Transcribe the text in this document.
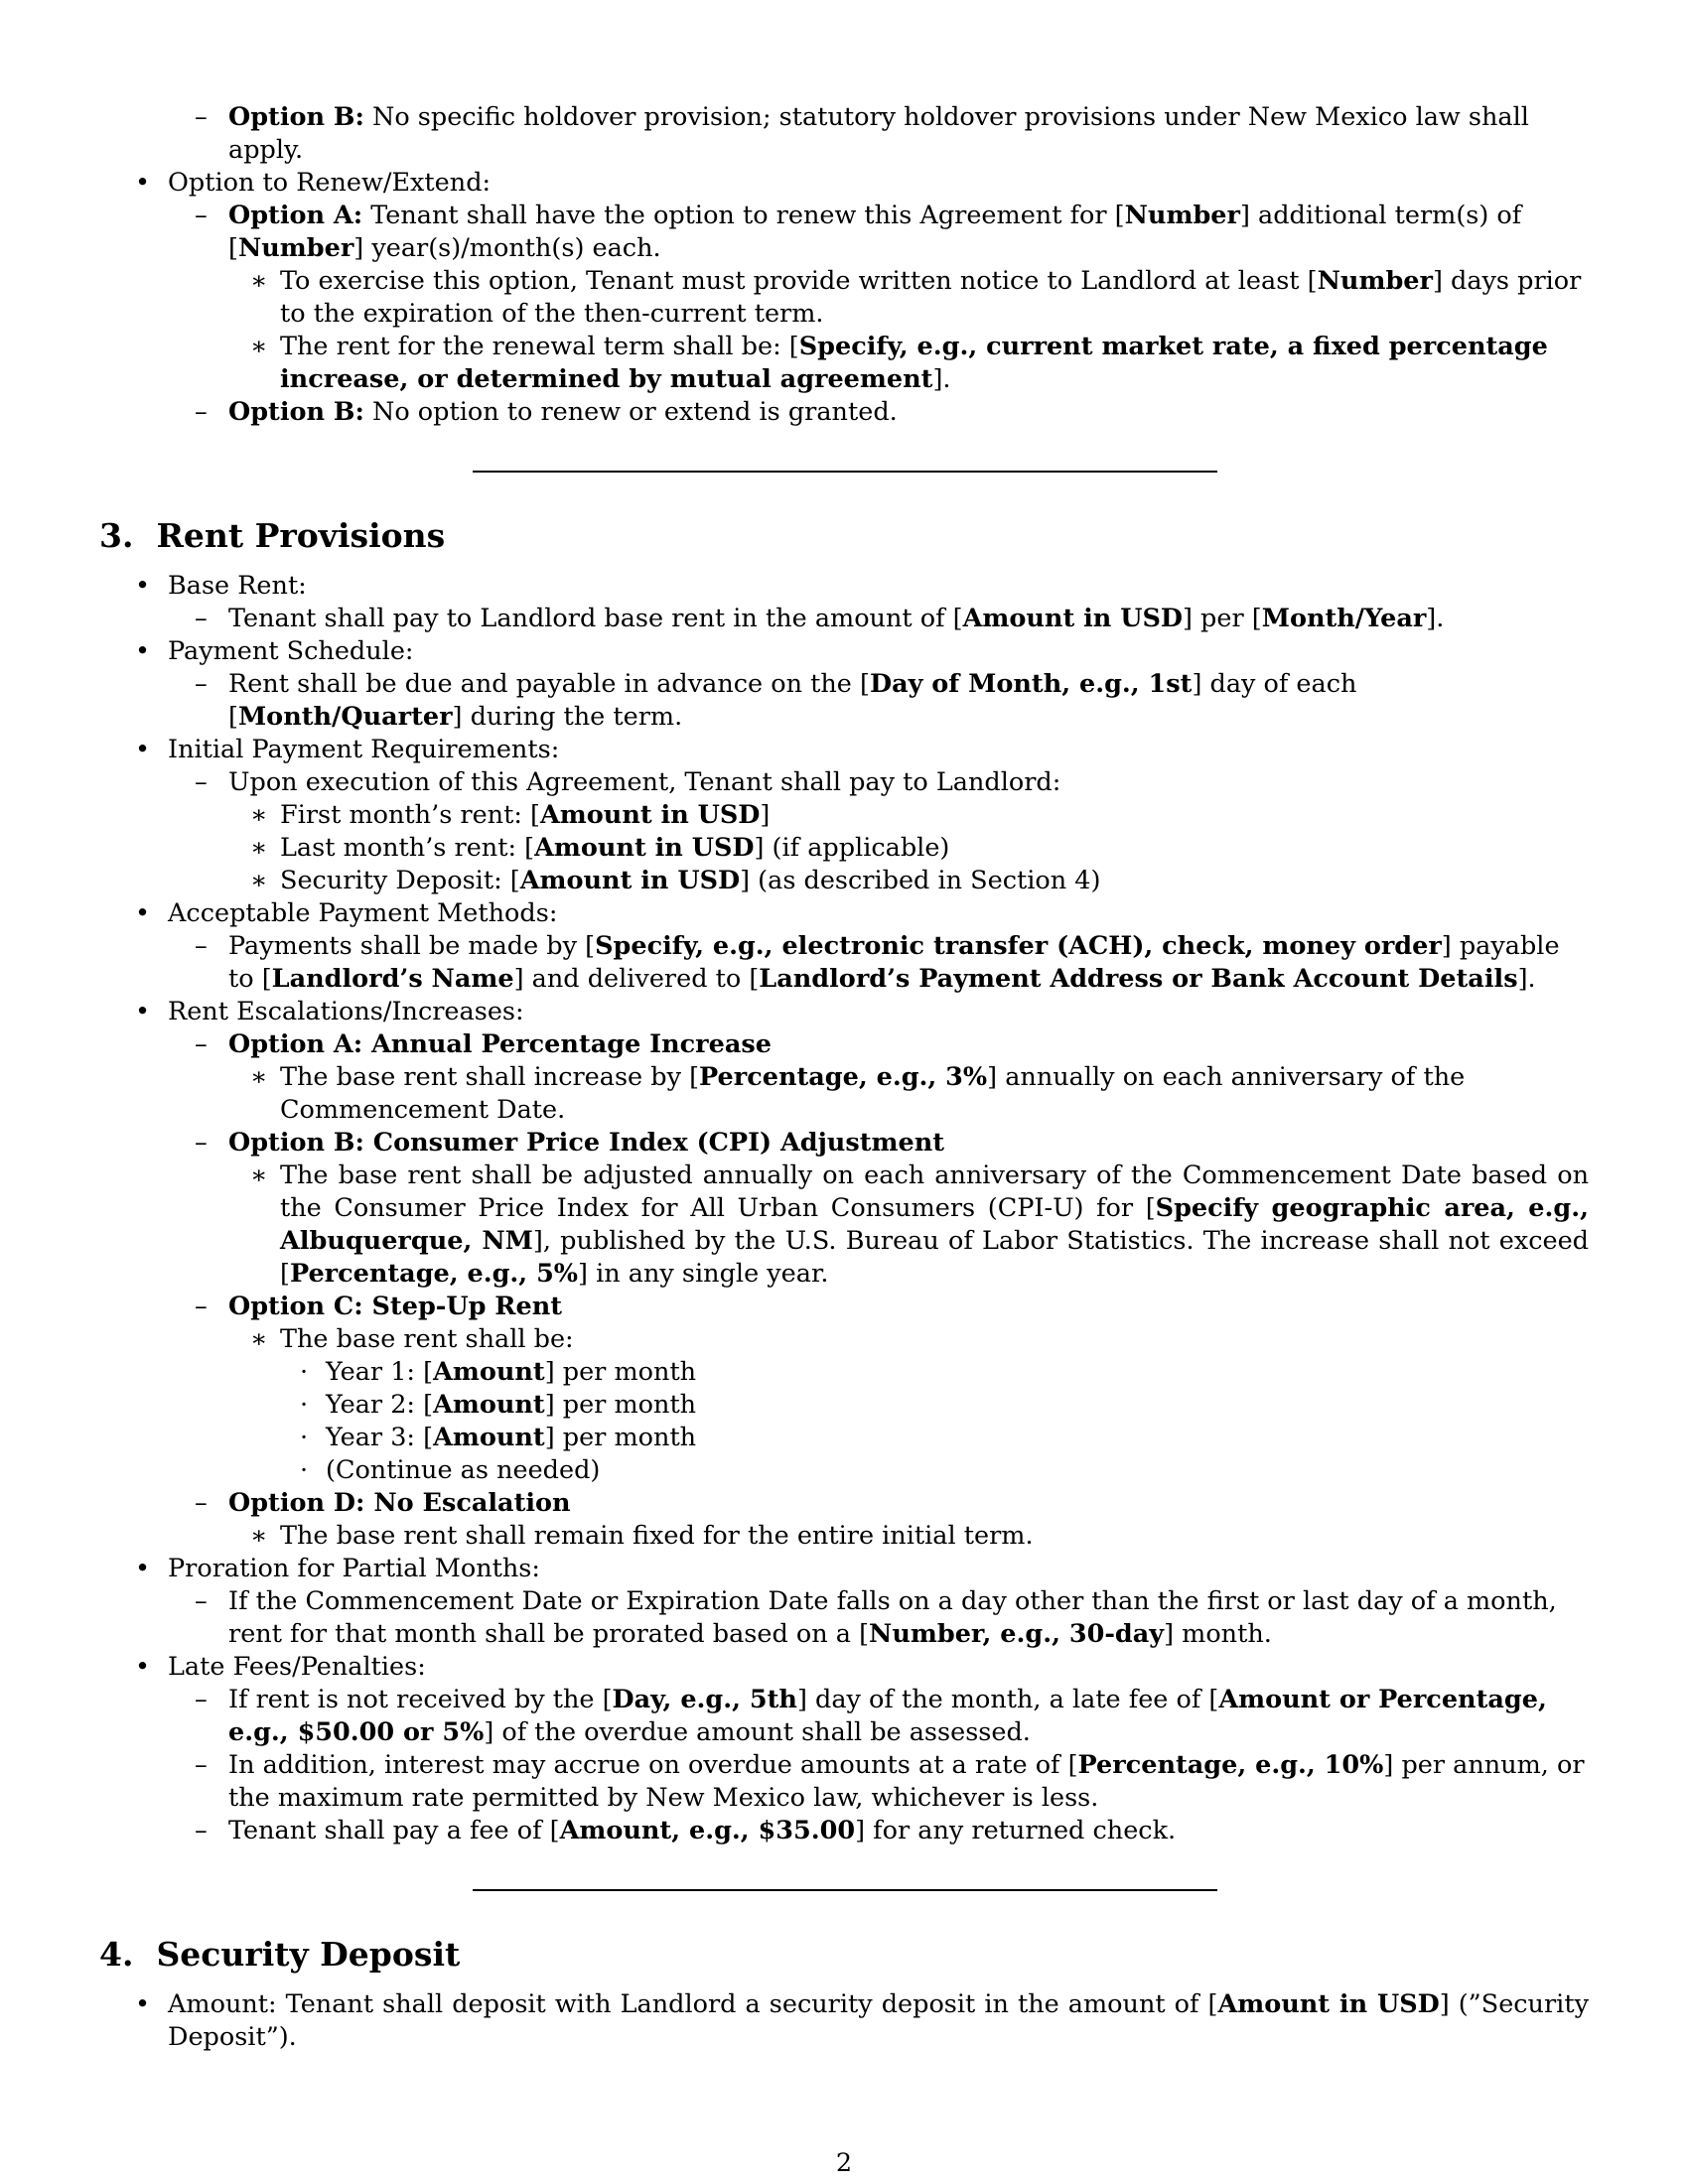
– Option B: No specific holdover provision; statutory holdover provisions under New Mexico law shall apply.
• Option to Renew/Extend:
– Option A: Tenant shall have the option to renew this Agreement for [Number] additional term(s) of [Number] year(s)/month(s) each.
∗ To exercise this option, Tenant must provide written notice to Landlord at least [Number] days prior to the expiration of the then-current term.
∗ The rent for the renewal term shall be: [Specify, e.g., current market rate, a fixed percentage increase, or determined by mutual agreement].
– Option B: No option to renew or extend is granted.
3. Rent Provisions
• Base Rent:
– Tenant shall pay to Landlord base rent in the amount of [Amount in USD] per [Month/Year].
• Payment Schedule:
– Rent shall be due and payable in advance on the [Day of Month, e.g., 1st] day of each [Month/Quarter] during the term.
• Initial Payment Requirements:
– Upon execution of this Agreement, Tenant shall pay to Landlord:
∗ First month’s rent: [Amount in USD]
∗ Last month’s rent: [Amount in USD] (if applicable)
∗ Security Deposit: [Amount in USD] (as described in Section 4)
• Acceptable Payment Methods:
– Payments shall be made by [Specify, e.g., electronic transfer (ACH), check, money order] payable to [Landlord’s Name] and delivered to [Landlord’s Payment Address or Bank Account Details].
• Rent Escalations/Increases:
– Option A: Annual Percentage Increase
∗ The base rent shall increase by [Percentage, e.g., 3%] annually on each anniversary of the Commencement Date.
– Option B: Consumer Price Index (CPI) Adjustment
∗ The base rent shall be adjusted annually on each anniversary of the Commencement Date based on the Consumer Price Index for All Urban Consumers (CPI-U) for [Specify geographic area, e.g., Albuquerque, NM], published by the U.S. Bureau of Labor Statistics. The increase shall not exceed [Percentage, e.g., 5%] in any single year.
– Option C: Step-Up Rent
∗ The base rent shall be:
· Year 1: [Amount] per month
· Year 2: [Amount] per month
· Year 3: [Amount] per month
· (Continue as needed)
– Option D: No Escalation
∗ The base rent shall remain fixed for the entire initial term.
• Proration for Partial Months:
– If the Commencement Date or Expiration Date falls on a day other than the first or last day of a month, rent for that month shall be prorated based on a [Number, e.g., 30-day] month.
• Late Fees/Penalties:
– If rent is not received by the [Day, e.g., 5th] day of the month, a late fee of [Amount or Percentage, e.g., $50.00 or 5%] of the overdue amount shall be assessed.
– In addition, interest may accrue on overdue amounts at a rate of [Percentage, e.g., 10%] per annum, or the maximum rate permitted by New Mexico law, whichever is less.
– Tenant shall pay a fee of [Amount, e.g., $35.00] for any returned check.
4. Security Deposit
• Amount: Tenant shall deposit with Landlord a security deposit in the amount of [Amount in USD] (”Security Deposit”).
2
